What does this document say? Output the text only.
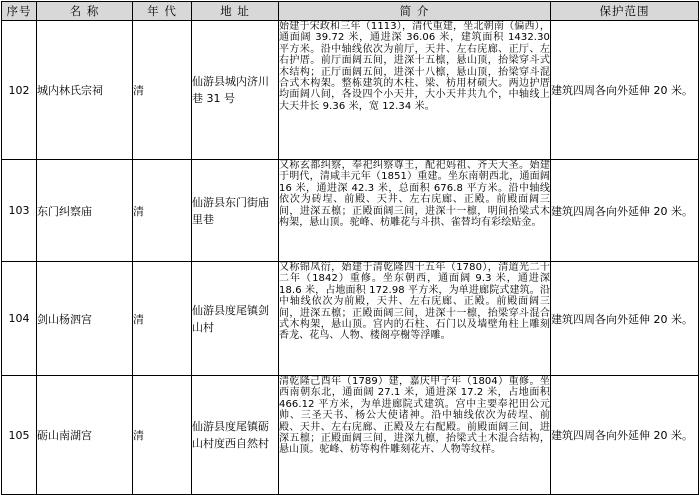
序号	名 称	年 代	地 址	简 介	保护范围
102	城内林氏宗祠	清	仙游县城内济川巷 31 号	始建于宋政和三年（1113），清代重建，坐北朝南（偏西），通面阔 39.72 米，通进深 36.06 米，建筑面积 1432.30 平方米。沿中轴线依次为前厅，天井、左右庑廊、正厅、左右护厝。前厅面阔五间，进深十五檩，悬山顶，抬梁穿斗式木结构；正厅面阔五间，进深十八檩，悬山顶，抬梁穿斗混合式木构架。整栋建筑的木柱、梁、枋用材硕大。两边护厝均面阔八间，各设四个小天井，大小天井共九个，中轴线上大天井长 9.36 米，宽 12.34 米。	建筑四周各向外延伸 20 米。
103	东门纠察庙	清	仙游县东门街庙里巷	又称玄都纠察，奉祀纠察尊王，配祀妈祖、齐天大圣。始建于明代，清咸丰元年（1851）重建。坐东南朝西北，通面阔 16 米，通进深 42.3 米，总面积 676.8 平方米。沿中轴线依次为砖埕、前殿、天井、左右庑廊、正殿。前殿面阔三间，进深五檩；正殿面阔三间，进深十一檩，明间抬梁式木构架，悬山顶。驼峰、枋雕花与斗拱、雀替均有彩绘贴金。	建筑四周各向外延伸 20 米。
104	剑山杨泗宫	清	仙游县度尾镇剑山村	又称锦凤衍，始建于清乾隆四十五年（1780），清道光二十二年（1842）重修。坐东朝西，通面阔 9.3 米，通进深 18.6 米，占地面积 172.98 平方米，为单进廊院式建筑。沿中轴线依次为前殿，天井、左右庑廊、正殿。前殿面阔三间，进深五檩；正殿面阔三间，进深十一檩，抬梁穿斗混合式木构架，悬山顶。宫内的石柱、石门以及墙壁角柱上雕刻香龙、花鸟、人物、楼阁亭榭等浮雕。	建筑四周各向外延伸 20 米。
105	砺山南湖宫	清	仙游县度尾镇砺山村度西自然村	清乾隆己酉年（1789）建，嘉庆甲子年（1804）重修。坐西南朝东北，通面阔 27.1 米，通进深 17.2 米，占地面积 466.12 平方米，为单进廊院式建筑。宫中主要奉祀田公元帅、三圣天书、杨公大使诸神。沿中轴线依次为砖埕、前殿、天井、左右庑廊、正殿及左右配殿。前殿面阔三间，进深五檩；正殿面阔三间，进深九檩，抬梁式土木混合结构，悬山顶。驼峰、枋等构件雕刻花卉、人物等纹样。	建筑四周各向外延伸 20 米。
